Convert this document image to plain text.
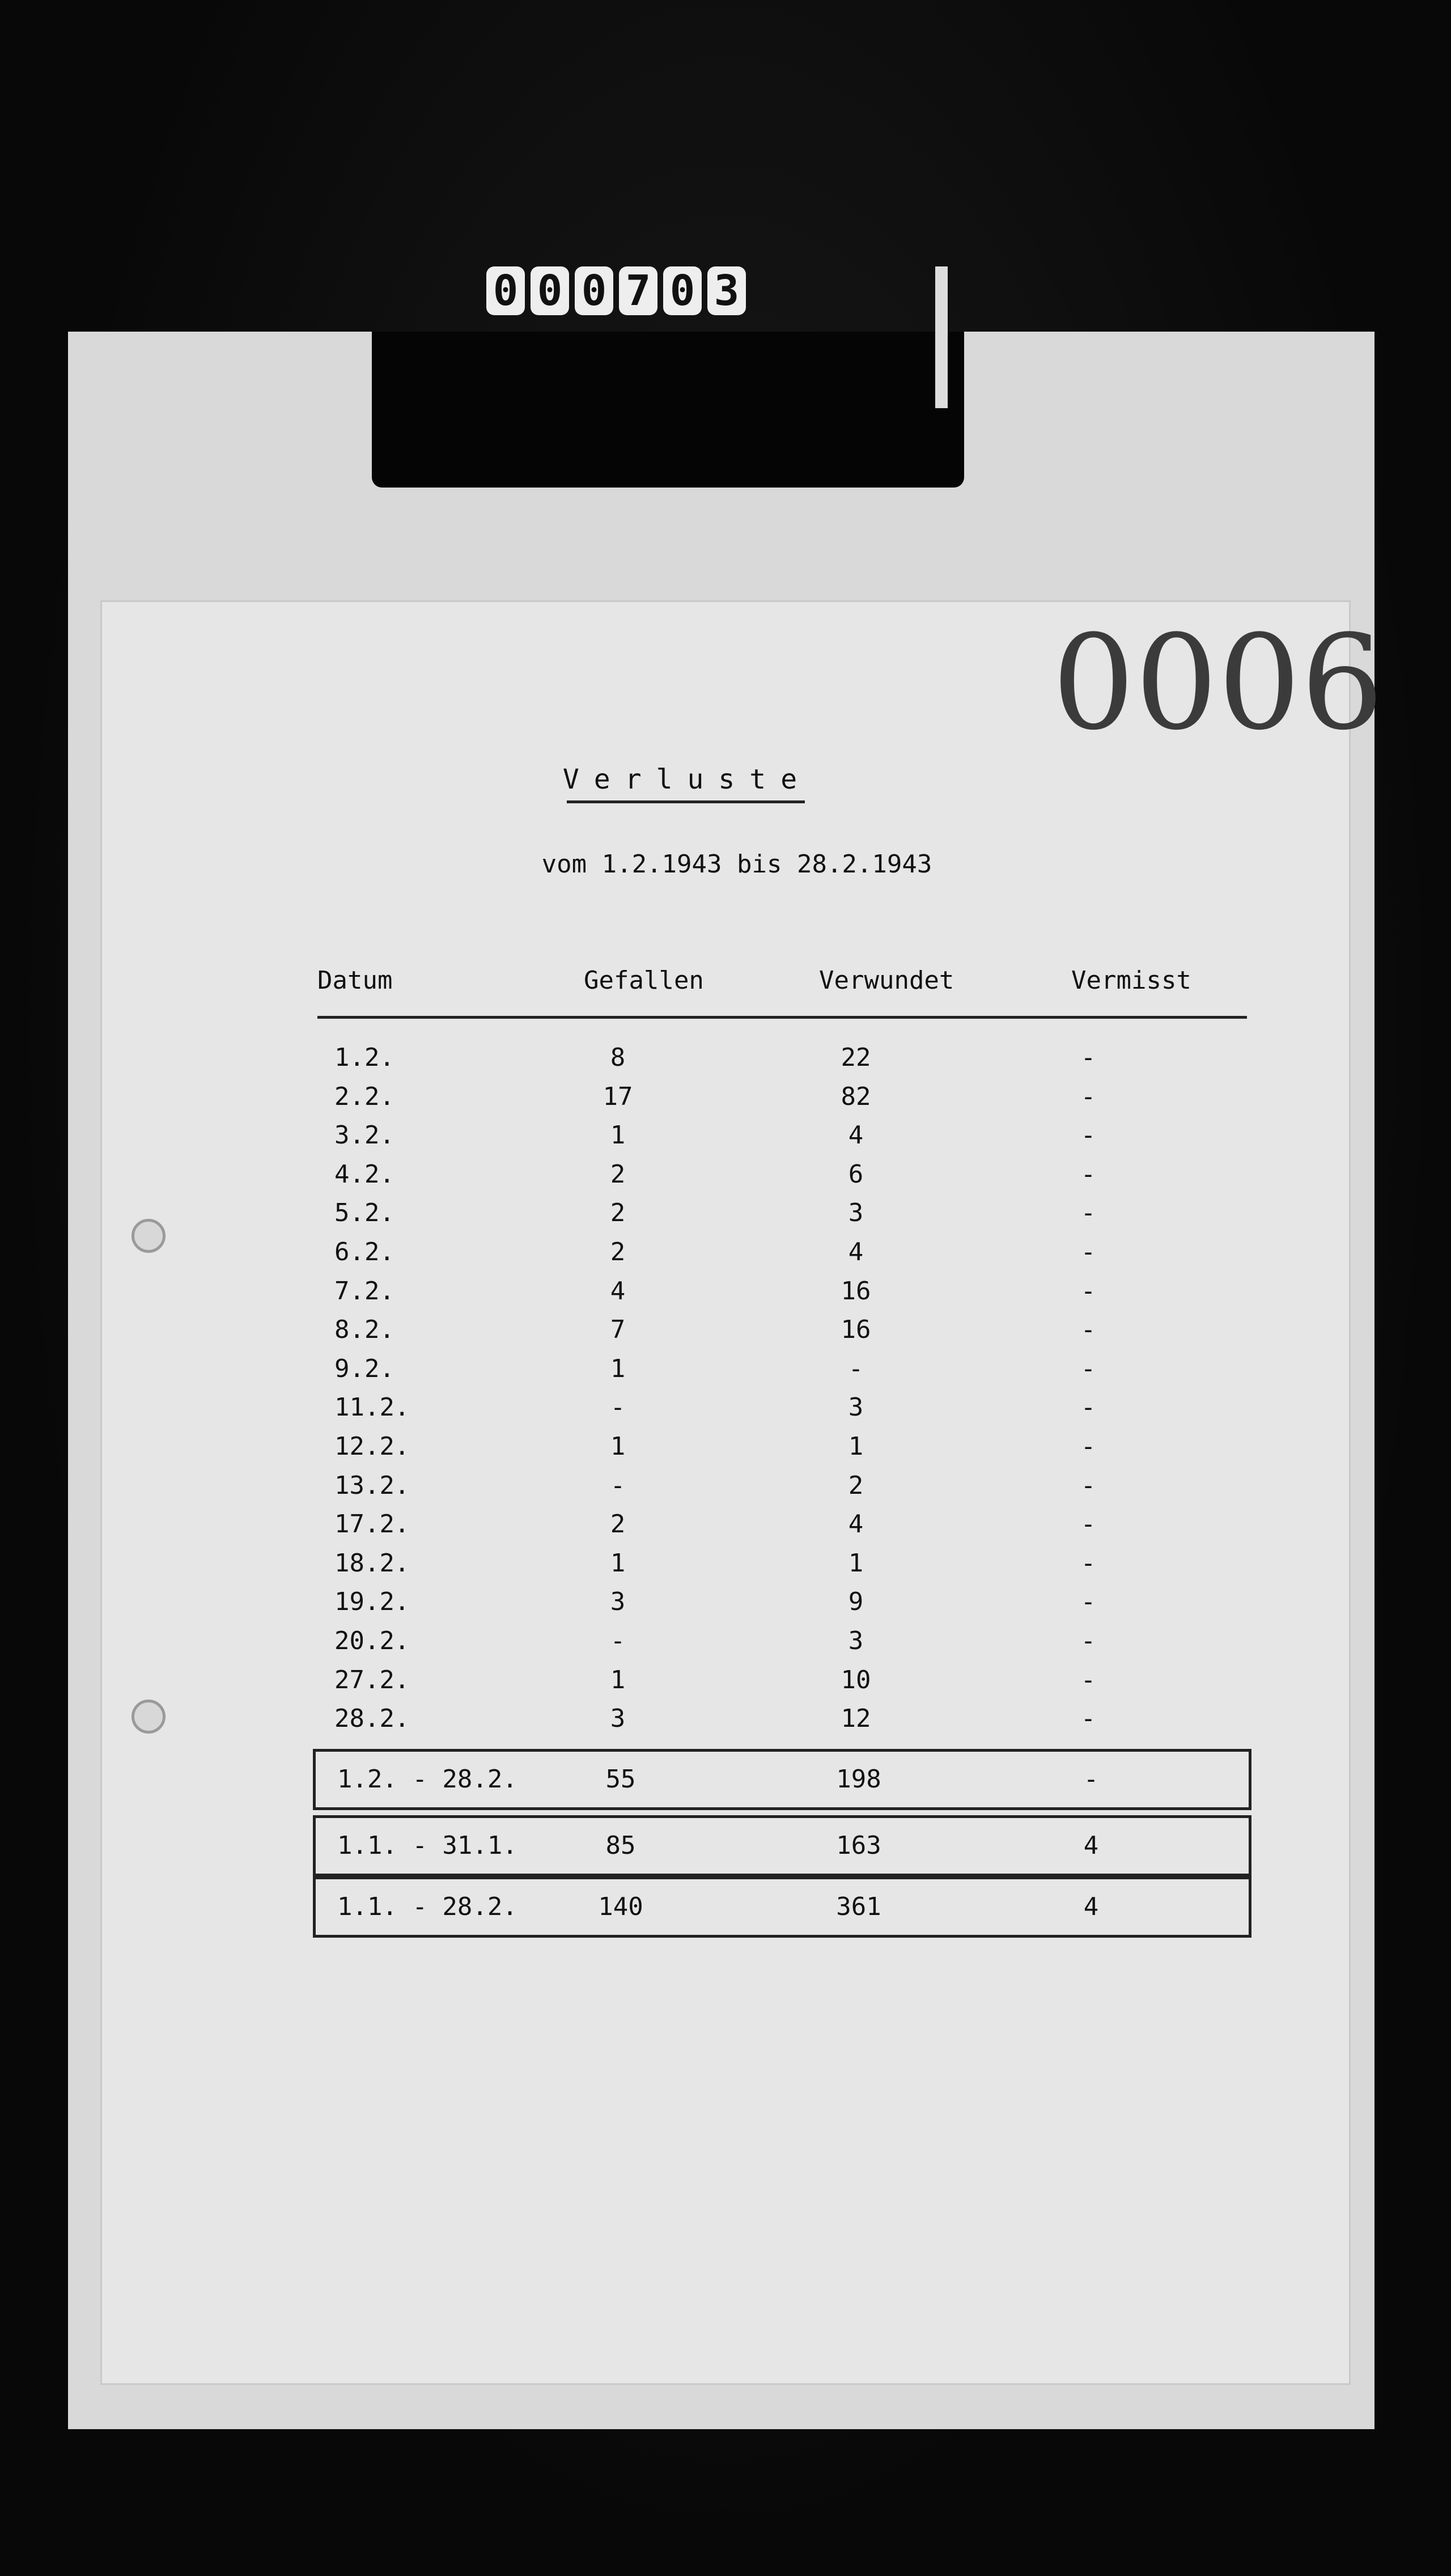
0 0 0 7 0 3
0006
Verluste
vom 1.2.1943 bis 28.2.1943
Datum	Gefallen	Verwundet	Vermisst
1.2.	8	22	-
2.2.	17	82	-
3.2.	1	4	-
4.2.	2	6	-
5.2.	2	3	-
6.2.	2	4	-
7.2.	4	16	-
8.2.	7	16	-
9.2.	1	-	-
11.2.	-	3	-
12.2.	1	1	-
13.2.	-	2	-
17.2.	2	4	-
18.2.	1	1	-
19.2.	3	9	-
20.2.	-	3	-
27.2.	1	10	-
28.2.	3	12	-
1.2. - 28.2.	55	198	-
1.1. - 31.1.	85	163	4
1.1. - 28.2.	140	361	4
